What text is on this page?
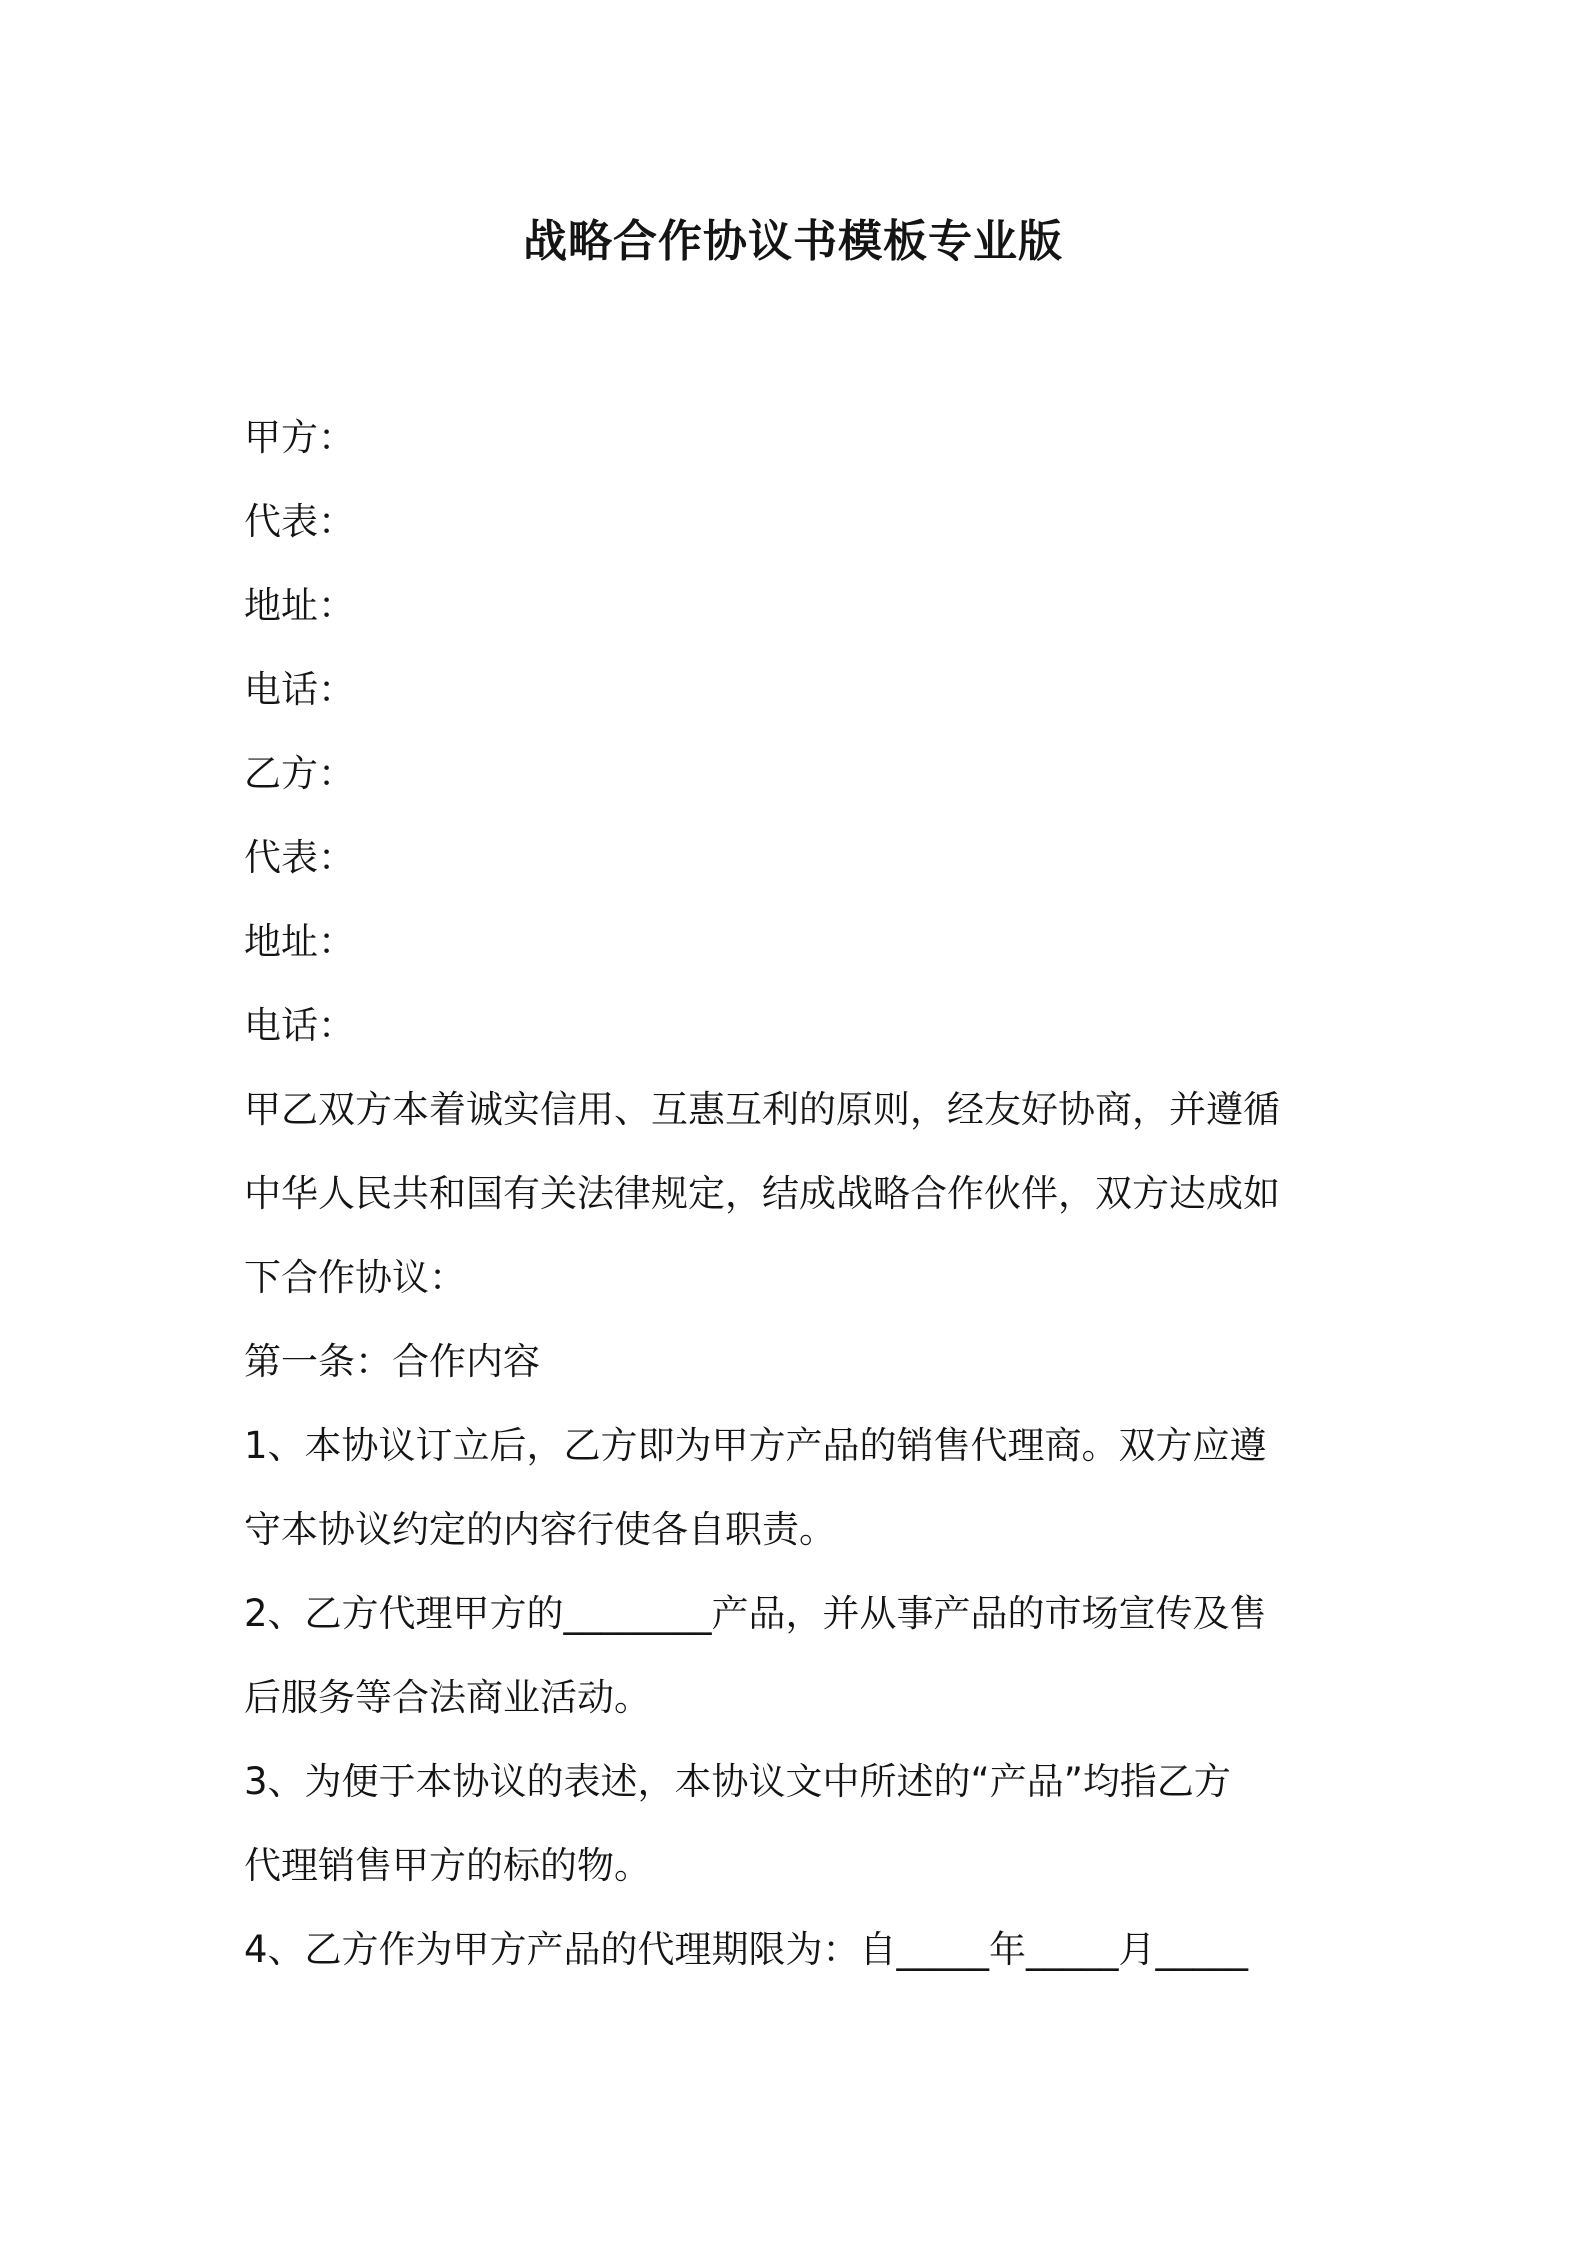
战略合作协议书模板专业版
甲方：
代表：
地址：
电话：
乙方：
代表：
地址：
电话：
甲乙双方本着诚实信用、互惠互利的原则，经友好协商，并遵循
中华人民共和国有关法律规定，结成战略合作伙伴，双方达成如
下合作协议：
第一条：合作内容
1、本协议订立后，乙方即为甲方产品的销售代理商。双方应遵
守本协议约定的内容行使各自职责。
2、乙方代理甲方的________产品，并从事产品的市场宣传及售
后服务等合法商业活动。
3、为便于本协议的表述，本协议文中所述的“产品”均指乙方
代理销售甲方的标的物。
4、乙方作为甲方产品的代理期限为：自_____年_____月_____
